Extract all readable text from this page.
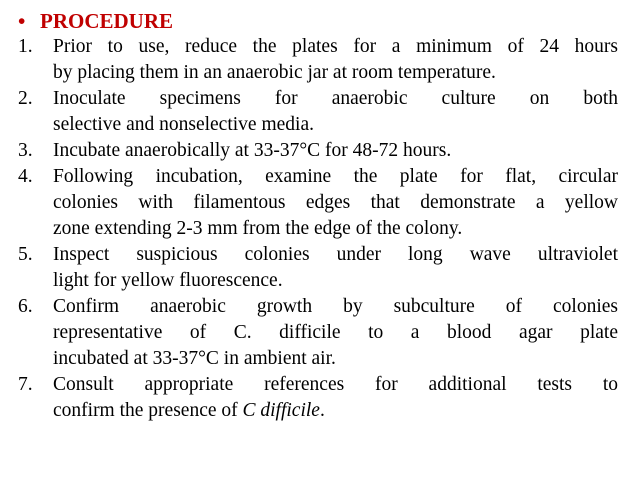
• PROCEDURE
1.	Prior to use, reduce the plates for a minimum of 24 hours
by placing them in an anaerobic jar at room temperature.
2.	Inoculate specimens for anaerobic culture on both
selective and nonselective media.
3.	Incubate anaerobically at 33-37°C for 48-72 hours.
4.	Following incubation, examine the plate for flat, circular
colonies with filamentous edges that demonstrate a yellow
zone extending 2-3 mm from the edge of the colony.
5.	Inspect suspicious colonies under long wave ultraviolet
light for yellow fluorescence.
6.	Confirm anaerobic growth by subculture of colonies
representative of C. difficile to a blood agar plate
incubated at 33-37°C in ambient air.
7.	Consult appropriate references for additional tests to
confirm the presence of C difficile.
